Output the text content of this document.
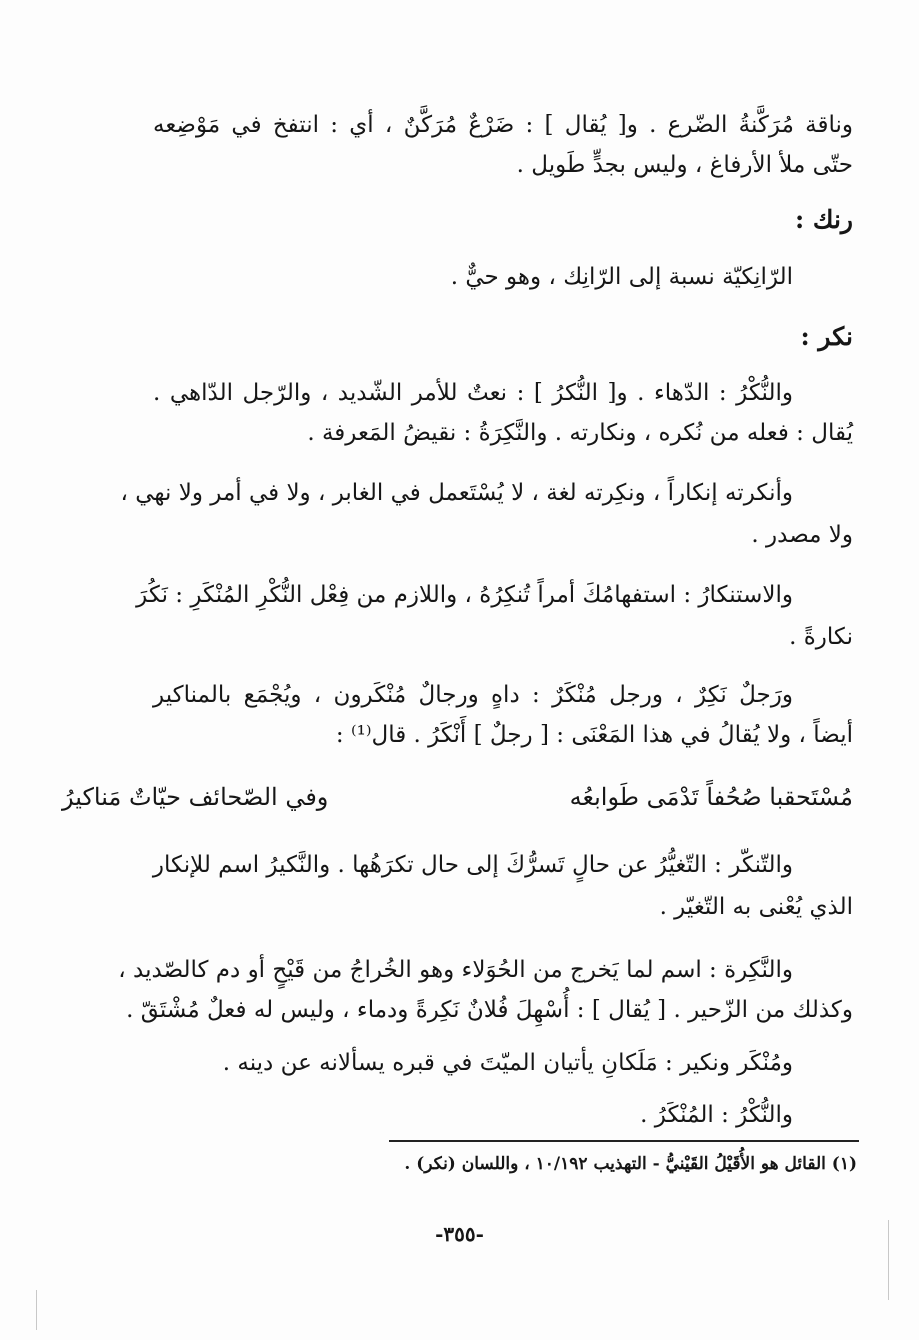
وناقة مُرَكَّنةُ الضّرع . و[ يُقال ] : ضَرْعٌ مُرَكَّنٌ ، أي : انتفخ في مَوْضِعه

حتّى ملأ الأرفاغ ، وليس بجدٍّ طَويل .

رنك :

الرّانِكيّة نسبة إلى الرّانِك ، وهو حيٌّ .

نكر :

والنُّكْرُ : الدّهاء . و[ النُّكرُ ] : نعتٌ للأمر الشّديد ، والرّجل الدّاهي .

يُقال : فعله من نُكره ، ونكارته . والنَّكِرَةُ : نقيضُ المَعرفة .

وأنكرته إنكاراً ، ونكِرته لغة ، لا يُسْتَعمل في الغابر ، ولا في أمر ولا نهي ،

ولا مصدر .

والاستنكارُ : استفهامُكَ أمراً تُنكِرُهُ ، واللازم من فِعْل النُّكْرِ المُنْكَرِ : نَكُرَ

نكارةً .

ورَجلٌ نَكِرٌ ، ورجل مُنْكَرٌ : داهٍ ورجالٌ مُنْكَرون ، ويُجْمَع بالمناكير

أيضاً ، ولا يُقالُ في هذا المَعْنَى : [ رجلٌ ] أَنْكَرُ . قال⁽¹⁾ :

مُسْتَحقبا صُحُفاً تَدْمَى طَوابعُه

وفي الصّحائف حيّاتٌ مَناكيرُ

والتّنكّر : التّغيُّرُ عن حالٍ تَسرُّكَ إلى حال تكرَهُها . والنَّكيرُ اسم للإنكار

الذي يُعْنى به التّغيّر .

والنَّكِرة : اسم لما يَخرج من الحُوَلاء وهو الخُراجُ من قَيْحٍ أو دم كالصّديد ،

وكذلك من الزّحير . [ يُقال ] : أُسْهِلَ فُلانٌ نَكِرةً ودماء ، وليس له فعلٌ مُشْتَقّ .

ومُنْكَر ونكير : مَلَكانِ يأتيان الميّتَ في قبره يسألانه عن دينه .

والنُّكْرُ : المُنْكَرُ .

(١) القائل هو الأُقَيْلُ القَيْنيُّ - التهذيب ١٠/١٩٢ ، واللسان (نكر) .

-٣٥٥-
